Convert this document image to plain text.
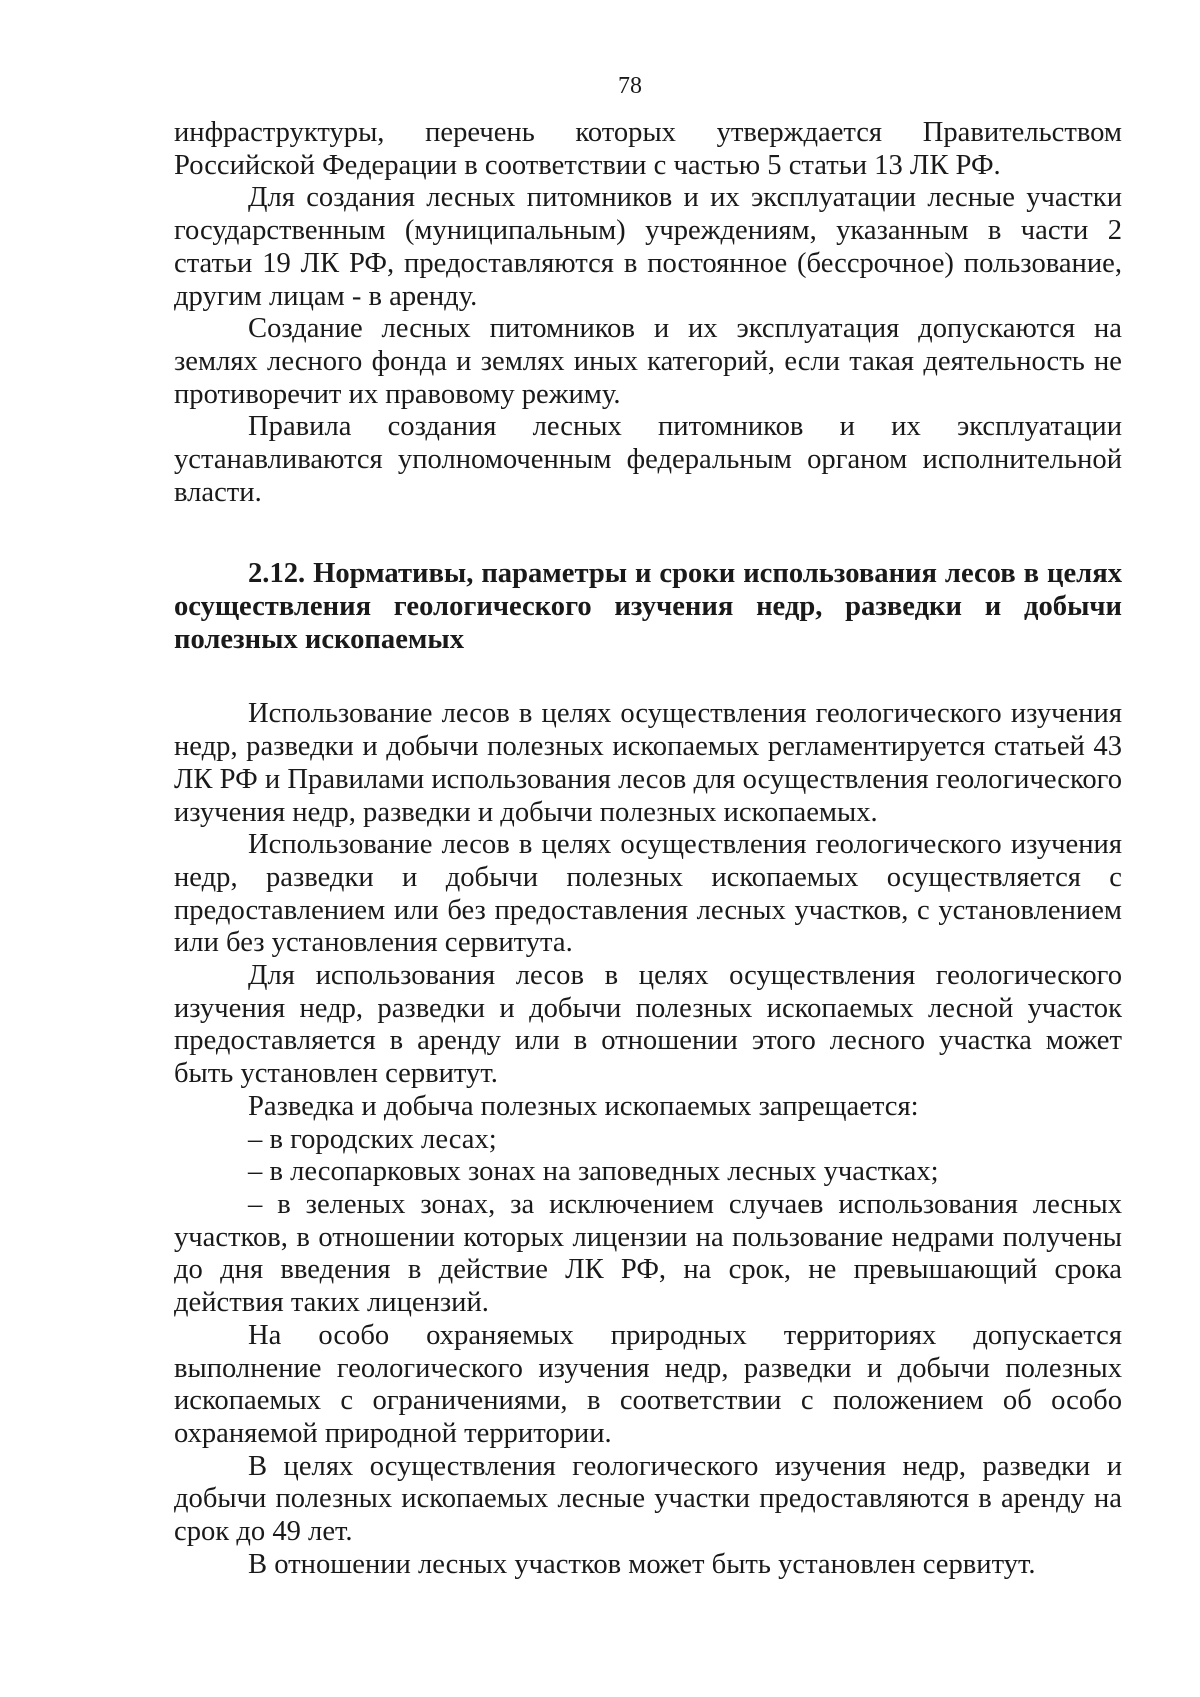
78

инфраструктуры, перечень которых утверждается Правительством Российской Федерации в соответствии с частью 5 статьи 13 ЛК РФ.

Для создания лесных питомников и их эксплуатации лесные участки государственным (муниципальным) учреждениям, указанным в части 2 статьи 19 ЛК РФ, предоставляются в постоянное (бессрочное) пользование, другим лицам - в аренду.

Создание лесных питомников и их эксплуатация допускаются на землях лесного фонда и землях иных категорий, если такая деятельность не противоречит их правовому режиму.

Правила создания лесных питомников и их эксплуатации устанавливаются уполномоченным федеральным органом исполнительной власти.

2.12. Нормативы, параметры и сроки использования лесов в целях осуществления геологического изучения недр, разведки и добычи полезных ископаемых

Использование лесов в целях осуществления геологического изучения недр, разведки и добычи полезных ископаемых регламентируется статьей 43 ЛК РФ и Правилами использования лесов для осуществления геологического изучения недр, разведки и добычи полезных ископаемых.

Использование лесов в целях осуществления геологического изучения недр, разведки и добычи полезных ископаемых осуществляется с предоставлением или без предоставления лесных участков, с установлением или без установления сервитута.

Для использования лесов в целях осуществления геологического изучения недр, разведки и добычи полезных ископаемых лесной участок предоставляется в аренду или в отношении этого лесного участка может быть установлен сервитут.

Разведка и добыча полезных ископаемых запрещается:

– в городских лесах;

– в лесопарковых зонах на заповедных лесных участках;

– в зеленых зонах, за исключением случаев использования лесных участков, в отношении которых лицензии на пользование недрами получены до дня введения в действие ЛК РФ, на срок, не превышающий срока действия таких лицензий.

На особо охраняемых природных территориях допускается выполнение геологического изучения недр, разведки и добычи полезных ископаемых с ограничениями, в соответствии с положением об особо охраняемой природной территории.

В целях осуществления геологического изучения недр, разведки и добычи полезных ископаемых лесные участки предоставляются в аренду на срок до 49 лет.

В отношении лесных участков может быть установлен сервитут.
